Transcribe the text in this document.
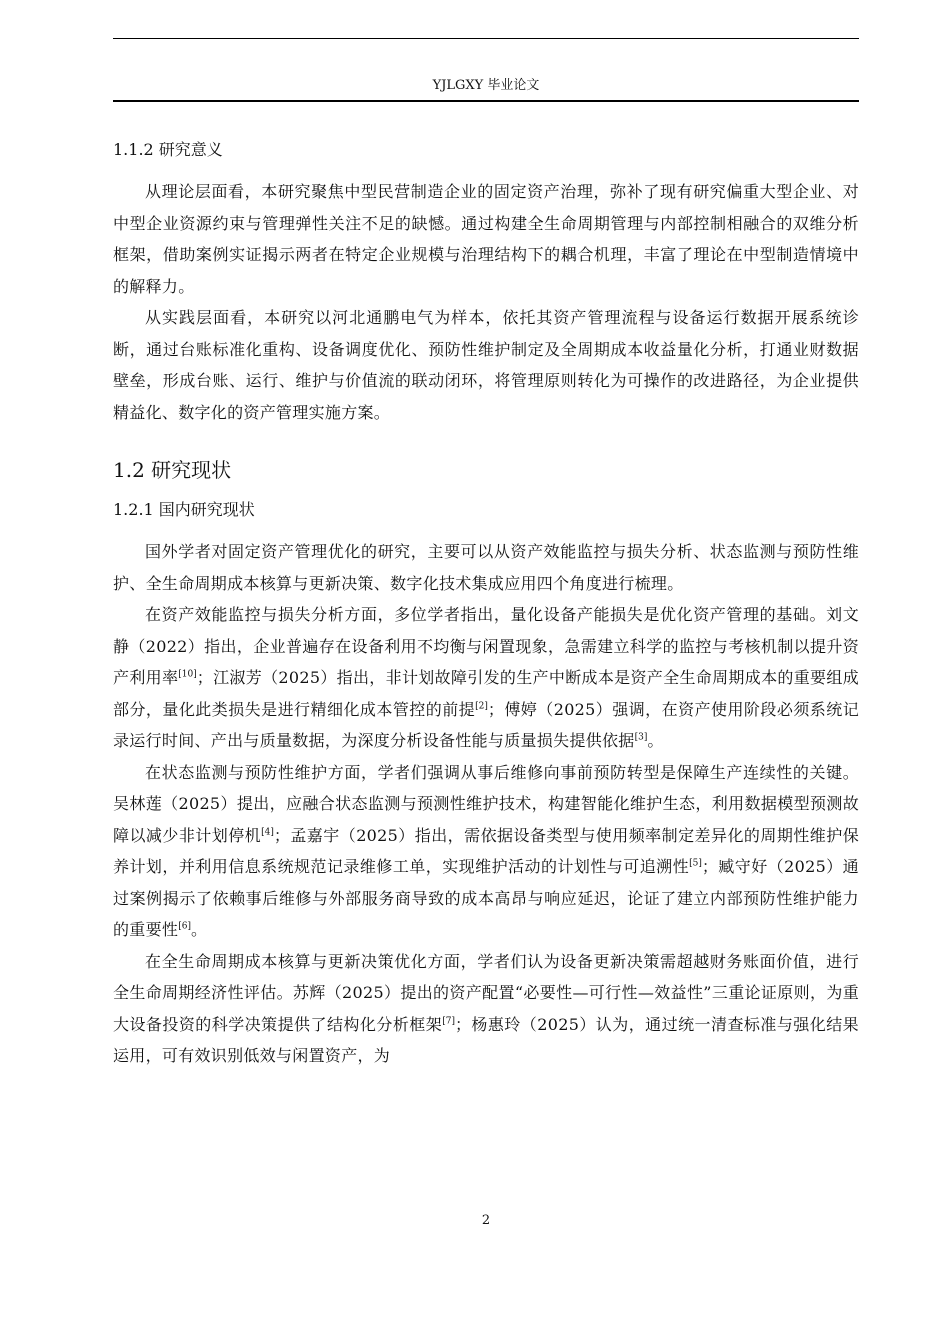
YJLGXY 毕业论文
1.1.2 研究意义

从理论层面看，本研究聚焦中型民营制造企业的固定资产治理，弥补了现有研究偏重大型企业、对中型企业资源约束与管理弹性关注不足的缺憾。通过构建全生命周期管理与内部控制相融合的双维分析框架，借助案例实证揭示两者在特定企业规模与治理结构下的耦合机理，丰富了理论在中型制造情境中的解释力。

从实践层面看，本研究以河北通鹏电气为样本，依托其资产管理流程与设备运行数据开展系统诊断，通过台账标准化重构、设备调度优化、预防性维护制定及全周期成本收益量化分析，打通业财数据壁垒，形成台账、运行、维护与价值流的联动闭环，将管理原则转化为可操作的改进路径，为企业提供精益化、数字化的资产管理实施方案。

1.2 研究现状
1.2.1 国内研究现状

国外学者对固定资产管理优化的研究，主要可以从资产效能监控与损失分析、状态监测与预防性维护、全生命周期成本核算与更新决策、数字化技术集成应用四个角度进行梳理。

在资产效能监控与损失分析方面，多位学者指出，量化设备产能损失是优化资产管理的基础。刘文静（2022）指出，企业普遍存在设备利用不均衡与闲置现象，急需建立科学的监控与考核机制以提升资产利用率[10]；江淑芳（2025）指出，非计划故障引发的生产中断成本是资产全生命周期成本的重要组成部分，量化此类损失是进行精细化成本管控的前提[2]；傅婷（2025）强调，在资产使用阶段必须系统记录运行时间、产出与质量数据，为深度分析设备性能与质量损失提供依据[3]。

在状态监测与预防性维护方面，学者们强调从事后维修向事前预防转型是保障生产连续性的关键。吴林莲（2025）提出，应融合状态监测与预测性维护技术，构建智能化维护生态，利用数据模型预测故障以减少非计划停机[4]；孟嘉宇（2025）指出，需依据设备类型与使用频率制定差异化的周期性维护保养计划，并利用信息系统规范记录维修工单，实现维护活动的计划性与可追溯性[5]；臧守好（2025）通过案例揭示了依赖事后维修与外部服务商导致的成本高昂与响应延迟，论证了建立内部预防性维护能力的重要性[6]。

在全生命周期成本核算与更新决策优化方面，学者们认为设备更新决策需超越财务账面价值，进行全生命周期经济性评估。苏辉（2025）提出的资产配置“必要性—可行性—效益性”三重论证原则，为重大设备投资的科学决策提供了结构化分析框架[7]；杨惠玲（2025）认为，通过统一清查标准与强化结果运用，可有效识别低效与闲置资产，为

2
